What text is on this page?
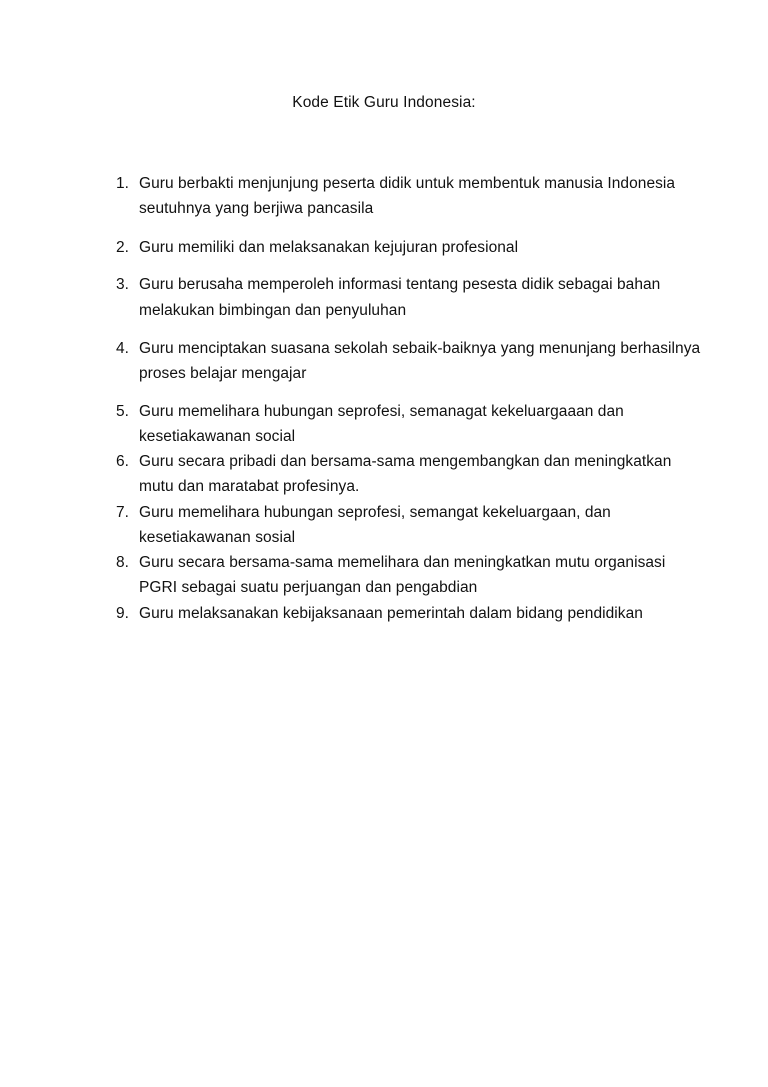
Kode Etik Guru Indonesia:
1. Guru berbakti menjunjung peserta didik untuk membentuk manusia Indonesia seutuhnya yang berjiwa pancasila
2. Guru memiliki dan melaksanakan kejujuran profesional
3. Guru berusaha memperoleh informasi tentang pesesta didik sebagai bahan melakukan bimbingan dan penyuluhan
4. Guru menciptakan suasana sekolah sebaik-baiknya yang menunjang berhasilnya proses belajar mengajar
5. Guru memelihara hubungan seprofesi, semanagat kekeluargaaan dan kesetiakawanan social
6. Guru secara pribadi dan bersama-sama mengembangkan dan meningkatkan mutu dan maratabat profesinya.
7. Guru memelihara hubungan seprofesi, semangat kekeluargaan, dan kesetiakawanan sosial
8. Guru secara bersama-sama memelihara dan meningkatkan mutu organisasi PGRI sebagai suatu perjuangan dan pengabdian
9. Guru melaksanakan kebijaksanaan pemerintah dalam bidang pendidikan
